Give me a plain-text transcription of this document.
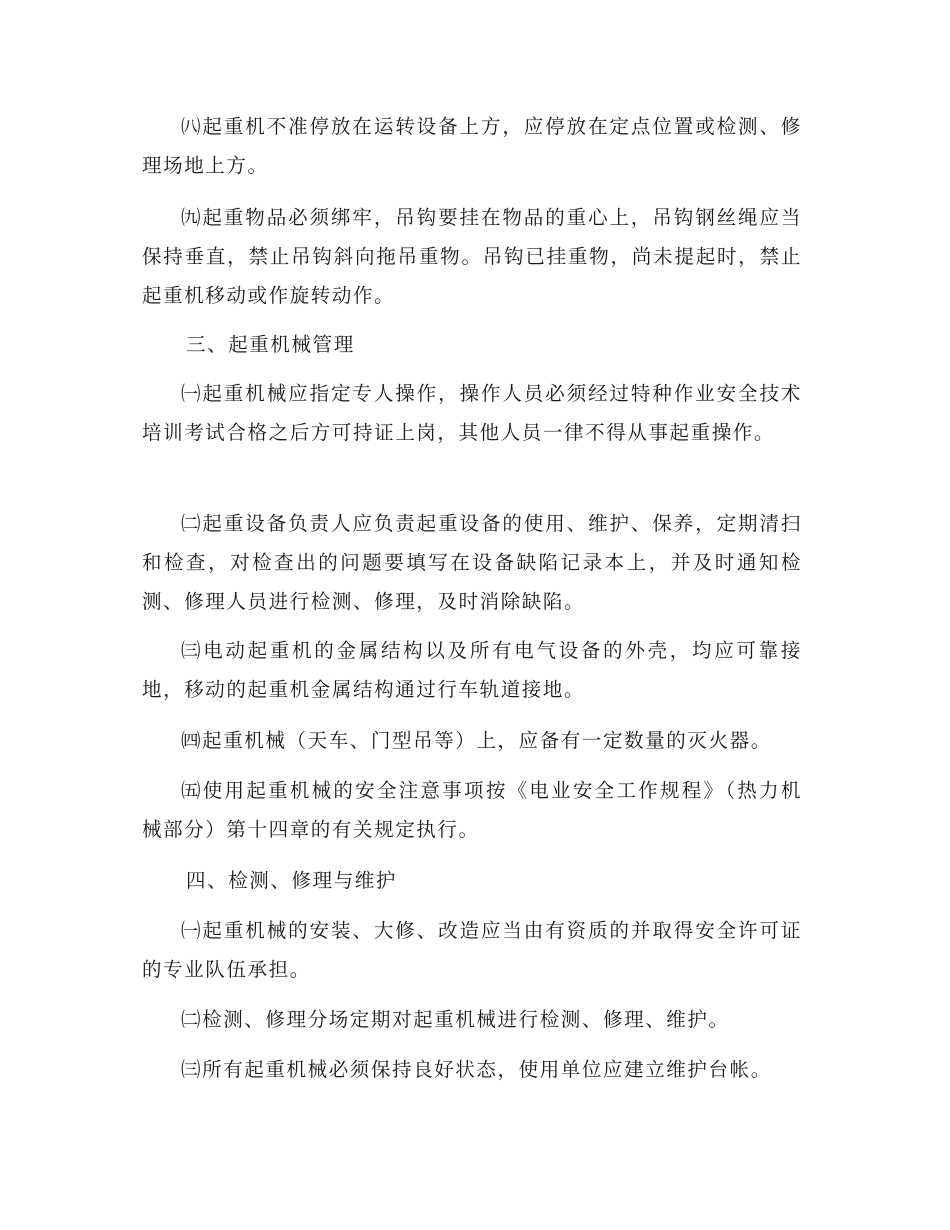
㈧起重机不准停放在运转设备上方，应停放在定点位置或检测、修理场地上方。

㈨起重物品必须绑牢，吊钩要挂在物品的重心上，吊钩钢丝绳应当保持垂直，禁止吊钩斜向拖吊重物。吊钩已挂重物，尚未提起时，禁止起重机移动或作旋转动作。

三、起重机械管理

㈠起重机械应指定专人操作，操作人员必须经过特种作业安全技术培训考试合格之后方可持证上岗，其他人员一律不得从事起重操作。

㈡起重设备负责人应负责起重设备的使用、维护、保养，定期清扫和检查，对检查出的问题要填写在设备缺陷记录本上，并及时通知检测、修理人员进行检测、修理，及时消除缺陷。

㈢电动起重机的金属结构以及所有电气设备的外壳，均应可靠接地，移动的起重机金属结构通过行车轨道接地。

㈣起重机械（天车、门型吊等）上，应备有一定数量的灭火器。

㈤使用起重机械的安全注意事项按《电业安全工作规程》（热力机械部分）第十四章的有关规定执行。

四、检测、修理与维护

㈠起重机械的安装、大修、改造应当由有资质的并取得安全许可证的专业队伍承担。

㈡检测、修理分场定期对起重机械进行检测、修理、维护。

㈢所有起重机械必须保持良好状态，使用单位应建立维护台帐。
